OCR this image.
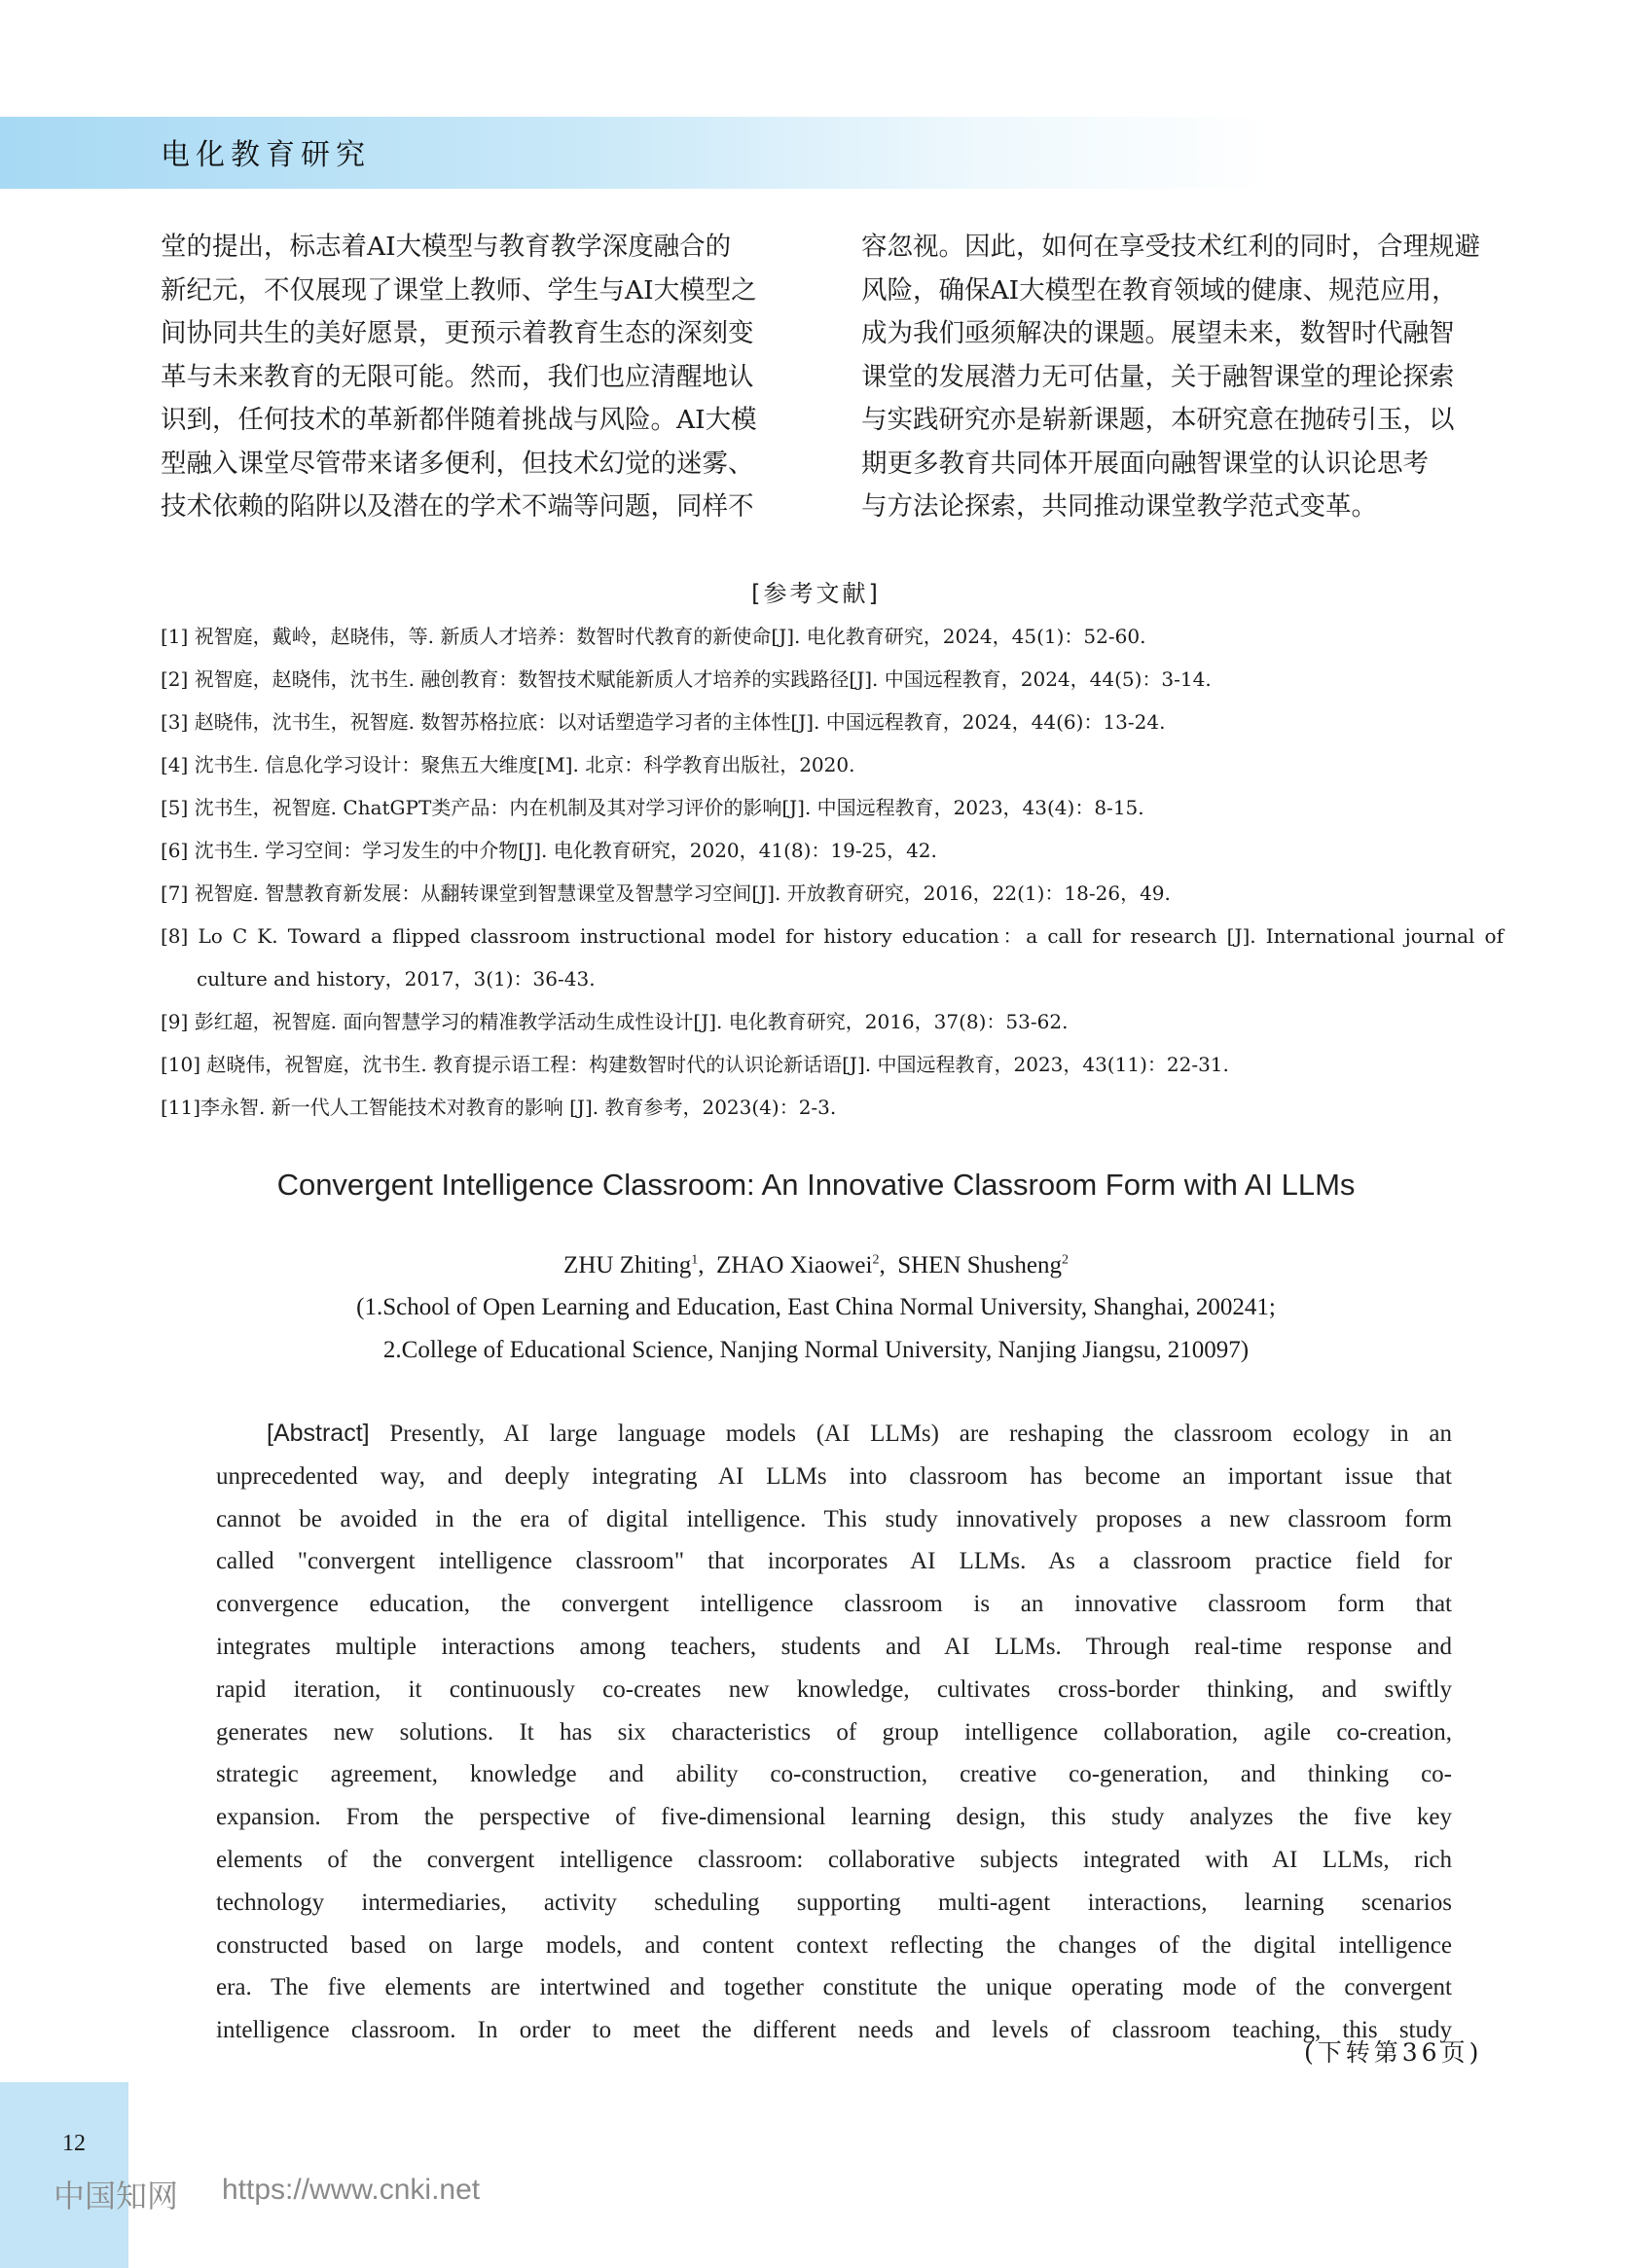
电化教育研究
堂的提出，标志着AI大模型与教育教学深度融合的
新纪元，不仅展现了课堂上教师、学生与AI大模型之
间协同共生的美好愿景，更预示着教育生态的深刻变
革与未来教育的无限可能。然而，我们也应清醒地认
识到，任何技术的革新都伴随着挑战与风险。AI大模
型融入课堂尽管带来诸多便利，但技术幻觉的迷雾、
技术依赖的陷阱以及潜在的学术不端等问题，同样不
容忽视。因此，如何在享受技术红利的同时，合理规避
风险，确保AI大模型在教育领域的健康、规范应用，
成为我们亟须解决的课题。展望未来，数智时代融智
课堂的发展潜力无可估量，关于融智课堂的理论探索
与实践研究亦是崭新课题，本研究意在抛砖引玉，以
期更多教育共同体开展面向融智课堂的认识论思考
与方法论探索，共同推动课堂教学范式变革。
[参考文献]
[1] 祝智庭，戴岭，赵晓伟，等. 新质人才培养：数智时代教育的新使命[J]. 电化教育研究，2024，45(1)：52-60.
[2] 祝智庭，赵晓伟，沈书生. 融创教育：数智技术赋能新质人才培养的实践路径[J]. 中国远程教育，2024，44(5)：3-14.
[3] 赵晓伟，沈书生，祝智庭. 数智苏格拉底：以对话塑造学习者的主体性[J]. 中国远程教育，2024，44(6)：13-24.
[4] 沈书生. 信息化学习设计：聚焦五大维度[M]. 北京：科学教育出版社，2020.
[5] 沈书生，祝智庭. ChatGPT类产品：内在机制及其对学习评价的影响[J]. 中国远程教育，2023，43(4)：8-15.
[6] 沈书生. 学习空间：学习发生的中介物[J]. 电化教育研究，2020，41(8)：19-25，42.
[7] 祝智庭. 智慧教育新发展：从翻转课堂到智慧课堂及智慧学习空间[J]. 开放教育研究，2016，22(1)：18-26，49.
[8] Lo C K. Toward a flipped classroom instructional model for history education：a call for research [J]. International journal of culture and history，2017，3(1)：36-43.
[9] 彭红超，祝智庭. 面向智慧学习的精准教学活动生成性设计[J]. 电化教育研究，2016，37(8)：53-62.
[10] 赵晓伟，祝智庭，沈书生. 教育提示语工程：构建数智时代的认识论新话语[J]. 中国远程教育，2023，43(11)：22-31.
[11]李永智. 新一代人工智能技术对教育的影响 [J]. 教育参考，2023(4)：2-3.
Convergent Intelligence Classroom: An Innovative Classroom Form with AI LLMs
ZHU Zhiting$^1$,  ZHAO Xiaowei$^2$,  SHEN Shusheng$^2$
(1.School of Open Learning and Education, East China Normal University, Shanghai, 200241;
2.College of Educational Science, Nanjing Normal University, Nanjing Jiangsu, 210097)
[Abstract] Presently, AI large language models (AI LLMs) are reshaping the classroom ecology in an
unprecedented way, and deeply integrating AI LLMs into classroom has become an important issue that
cannot be avoided in the era of digital intelligence. This study innovatively proposes a new classroom form
called "convergent intelligence classroom" that incorporates AI LLMs. As a classroom practice field for
convergence education, the convergent intelligence classroom is an innovative classroom form that
integrates multiple interactions among teachers, students and AI LLMs. Through real-time response and
rapid iteration, it continuously co-creates new knowledge, cultivates cross-border thinking, and swiftly
generates new solutions. It has six characteristics of group intelligence collaboration, agile co-creation,
strategic agreement, knowledge and ability co-construction, creative co-generation, and thinking co-
expansion. From the perspective of five-dimensional learning design, this study analyzes the five key
elements of the convergent intelligence classroom: collaborative subjects integrated with AI LLMs, rich
technology intermediaries, activity scheduling supporting multi-agent interactions, learning scenarios
constructed based on large models, and content context reflecting the changes of the digital intelligence
era. The five elements are intertwined and together constitute the unique operating mode of the convergent
intelligence classroom. In order to meet the different needs and levels of classroom teaching, this study
(下转第36页)
12
中国知网 https://www.cnki.net
